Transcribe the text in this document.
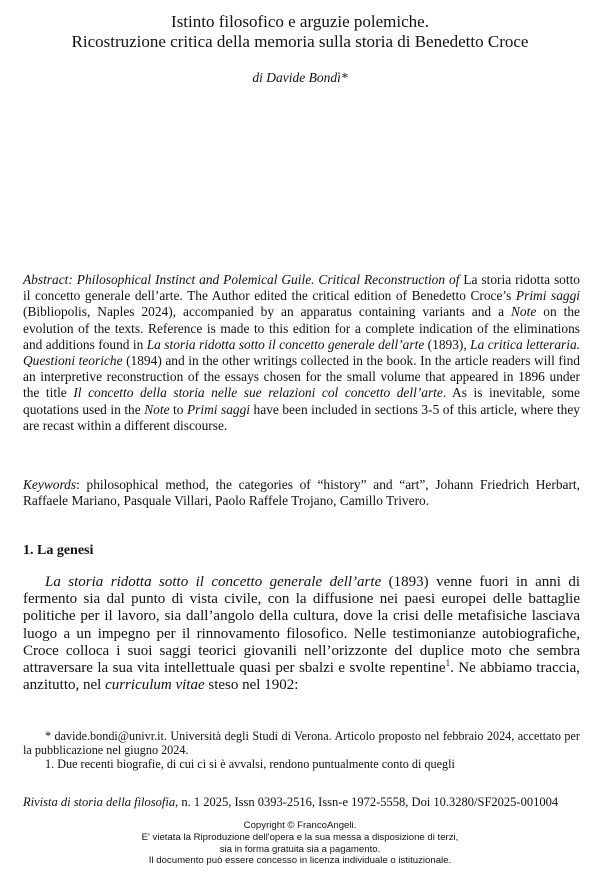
Istinto filosofico e arguzie polemiche.
Ricostruzione critica della memoria sulla storia di Benedetto Croce
di Davide Bondì*
Abstract: Philosophical Instinct and Polemical Guile. Critical Reconstruction of La storia ridotta sotto il concetto generale dell’arte. The Author edited the critical edition of Benedetto Croce’s Primi saggi (Bibliopolis, Naples 2024), accompanied by an apparatus containing variants and a Note on the evolution of the texts. Reference is made to this edition for a complete indication of the eliminations and additions found in La storia ridotta sotto il concetto generale dell’arte (1893), La critica letteraria. Questioni teoriche (1894) and in the other writings collected in the book. In the article readers will find an interpretive reconstruction of the essays chosen for the small volume that appeared in 1896 under the title Il concetto della storia nelle sue relazioni col concetto dell’arte. As is inevitable, some quotations used in the Note to Primi saggi have been included in sections 3-5 of this article, where they are recast within a different discourse.
Keywords: philosophical method, the categories of “history” and “art”, Johann Friedrich Herbart, Raffaele Mariano, Pasquale Villari, Paolo Raffele Trojano, Camillo Trivero.
1. La genesi

La storia ridotta sotto il concetto generale dell’arte (1893) venne fuori in anni di fermento sia dal punto di vista civile, con la diffusione nei paesi europei delle battaglie politiche per il lavoro, sia dall’angolo della cultura, dove la crisi delle metafisiche lasciava luogo a un impegno per il rinnovamento filosofico. Nelle testimonianze autobiografiche, Croce colloca i suoi saggi teorici giovanili nell’orizzonte del duplice moto che sembra attraversare la sua vita intellettuale quasi per sbalzi e svolte repentine$^1$. Ne abbiamo traccia, anzitutto, nel curriculum vitae steso nel 1902:

* davide.bondi@univr.it. Università degli Studi di Verona. Articolo proposto nel febbraio 2024, accettato per la pubblicazione nel giugno 2024.

1. Due recenti biografie, di cui ci si è avvalsi, rendono puntualmente conto di quegli

Rivista di storia della filosofia, n. 1 2025, Issn 0393-2516, Issn-e 1972-5558, Doi 10.3280/SF2025-001004
Copyright © FrancoAngeli.
E' vietata la Riproduzione dell'opera e la sua messa a disposizione di terzi,
sia in forma gratuita sia a pagamento.
Il documento può essere concesso in licenza individuale o istituzionale.
